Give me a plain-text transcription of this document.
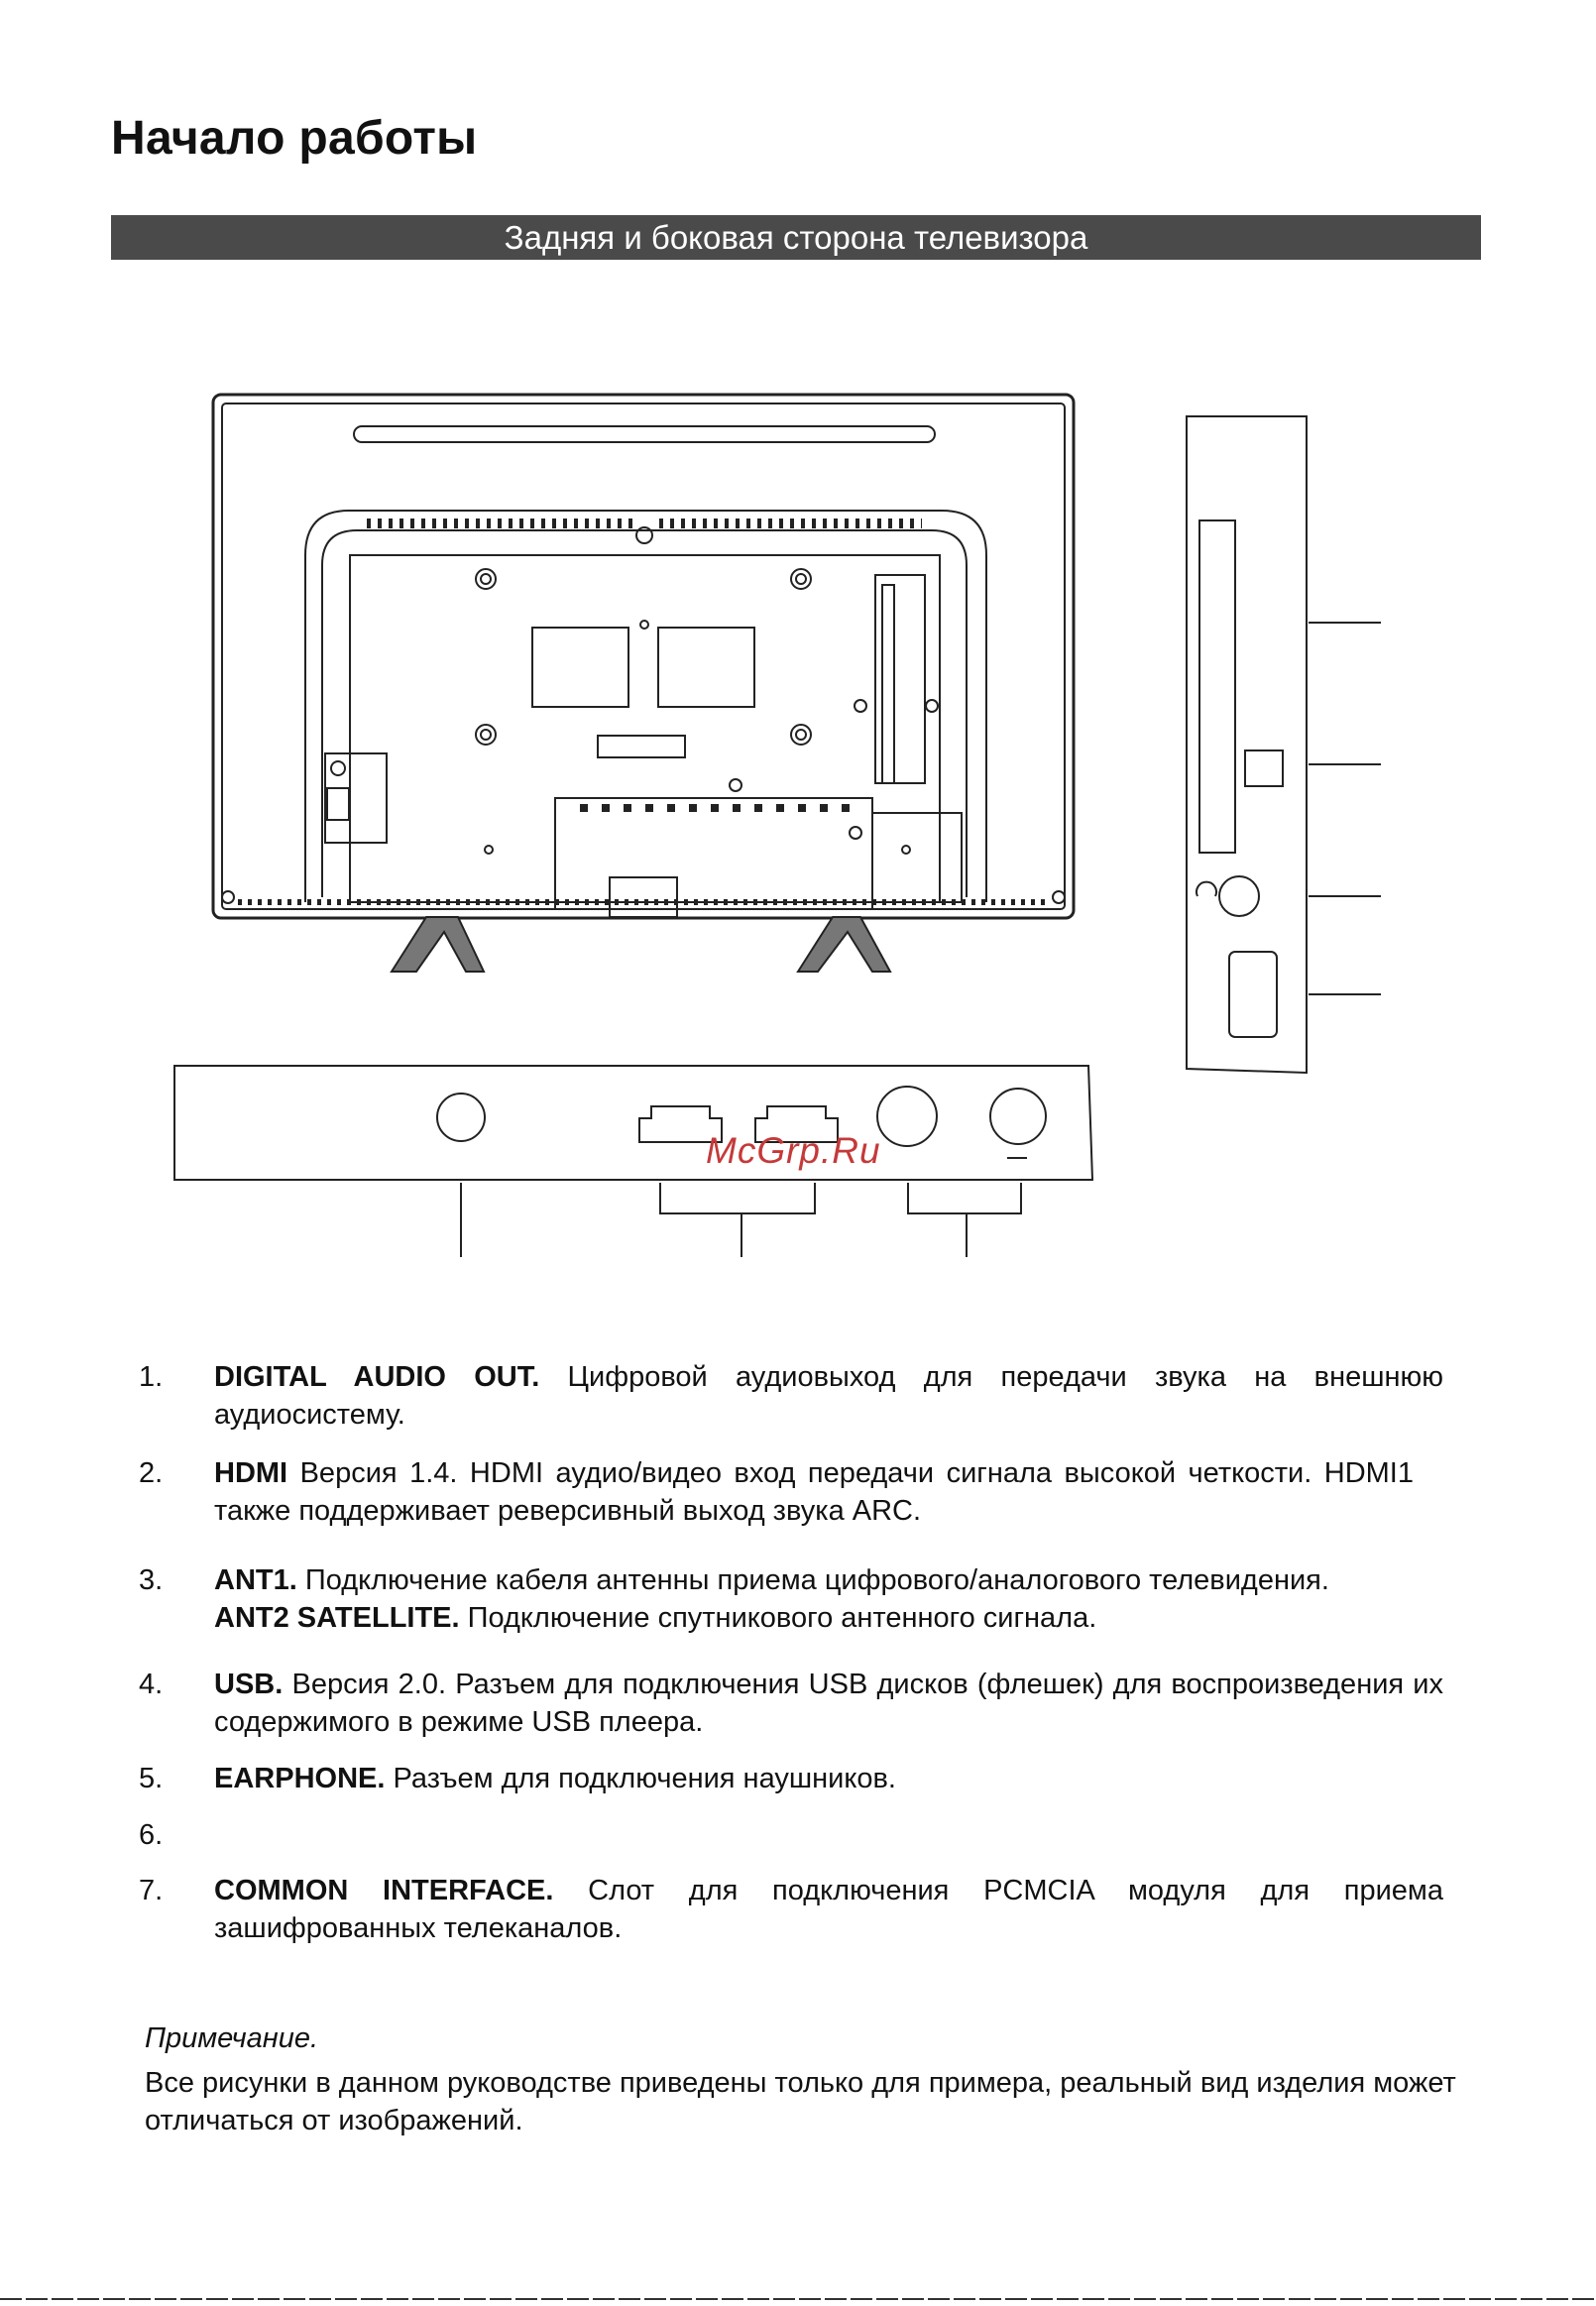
Начало работы
Задняя и боковая сторона телевизора
McGrp.Ru
1. DIGITAL AUDIO OUT. Цифровой аудиовыход для передачи звука на внешнюю аудиосистему.
2. HDMI Версия 1.4. HDMI аудио/видео вход передачи сигнала высокой четкости. HDMI1 также поддерживает реверсивный выход звука ARC.
3. ANT1. Подключение кабеля антенны приема цифрового/аналогового телевидения.
ANT2 SATELLITE. Подключение спутникового антенного сигнала.
4. USB. Версия 2.0. Разъем для подключения USB дисков (флешек) для воспроизведения их содержимого в режиме USB плеера.
5. EARPHONE. Разъем для подключения наушников.
6.
7. COMMON INTERFACE. Слот для подключения PCMCIA модуля для приема зашифрованных телеканалов.
Примечание.
Все рисунки в данном руководстве приведены только для примера, реальный вид изделия может отличаться от изображений.
